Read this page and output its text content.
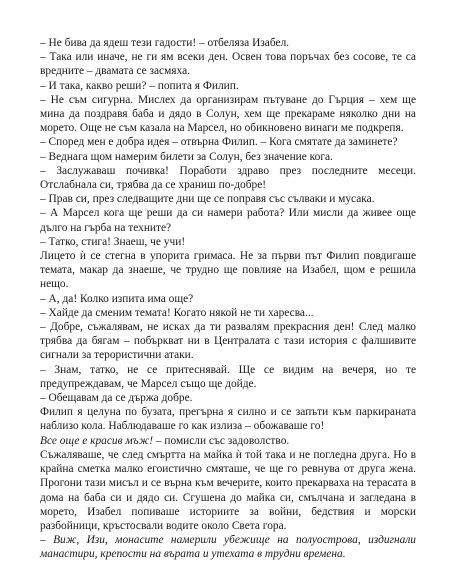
– Не бива да ядеш тези гадости! – отбеляза Изабел.

– Така или иначе, не ги ям всеки ден. Освен това поръчах без сосове, те са вредните – двамата се засмяха.

– И така, какво реши? – попита я Филип.

– Не съм сигурна. Мислех да организирам пътуване до Гърция – хем ще мина да поздравя баба и дядо в Солун, хем ще прекараме няколко дни на морето. Още не съм казала на Марсел, но обикновено винаги ме подкрепя.

– Според мен е добра идея – отвърна Филип. – Кога смятате да заминете?

– Веднага щом намерим билети за Солун, без значение кога.

– Заслужаваш почивка! Поработи здраво през последните месеци. Отслабнала си, трябва да се храниш по-добре!

– Прав си, през следващите дни ще се поправя със сълваки и мусака.

– А Марсел кога ще реши да си намери работа? Или мисли да живее още дълго на гърба на техните?

– Татко, стига! Знаеш, че учи!

Лицето ѝ се стегна в упорита гримаса. Не за първи път Филип повдигаше темата, макар да знаеше, че трудно ще повлияе на Изабел, щом е решила нещо.

– А, да! Колко изпита има още?

– Хайде да сменим темата! Когато някой не ти харесва...

– Добре, съжалявам, не исках да ти развалям прекрасния ден! След малко трябва да бягам – побъркват ни в Централата с тази история с фалшивите сигнали за терористични атаки.

– Знам, татко, не се притеснявай. Ще се видим на вечеря, но те предупреждавам, че Марсел също ще дойде.

– Обещавам да се държа добре.

Филип я целуна по бузата, прегърна я силно и се запъти към паркираната наблизо кола. Наблюдаваше го как излиза – обожаваше го!

Все още е красив мъж! – помисли със задоволство.

Съжаляваше, че след смъртта на майка ѝ той така и не погледна друга. Но в крайна сметка малко егоистично смяташе, че ще го ревнува от друга жена. Прогони тази мисъл и се върна към вечерите, които прекарваха на терасата в дома на баба си и дядо си. Сгушена до майка си, смълчана и загледана в морето, Изабел попиваше историите за войни, бедствия и морски разбойници, кръстосвали водите около Света гора.

– Виж, Изи, монасите намерили убежище на полуострова, издигнали манастири, крепости на върата и утехата в трудни времена.
